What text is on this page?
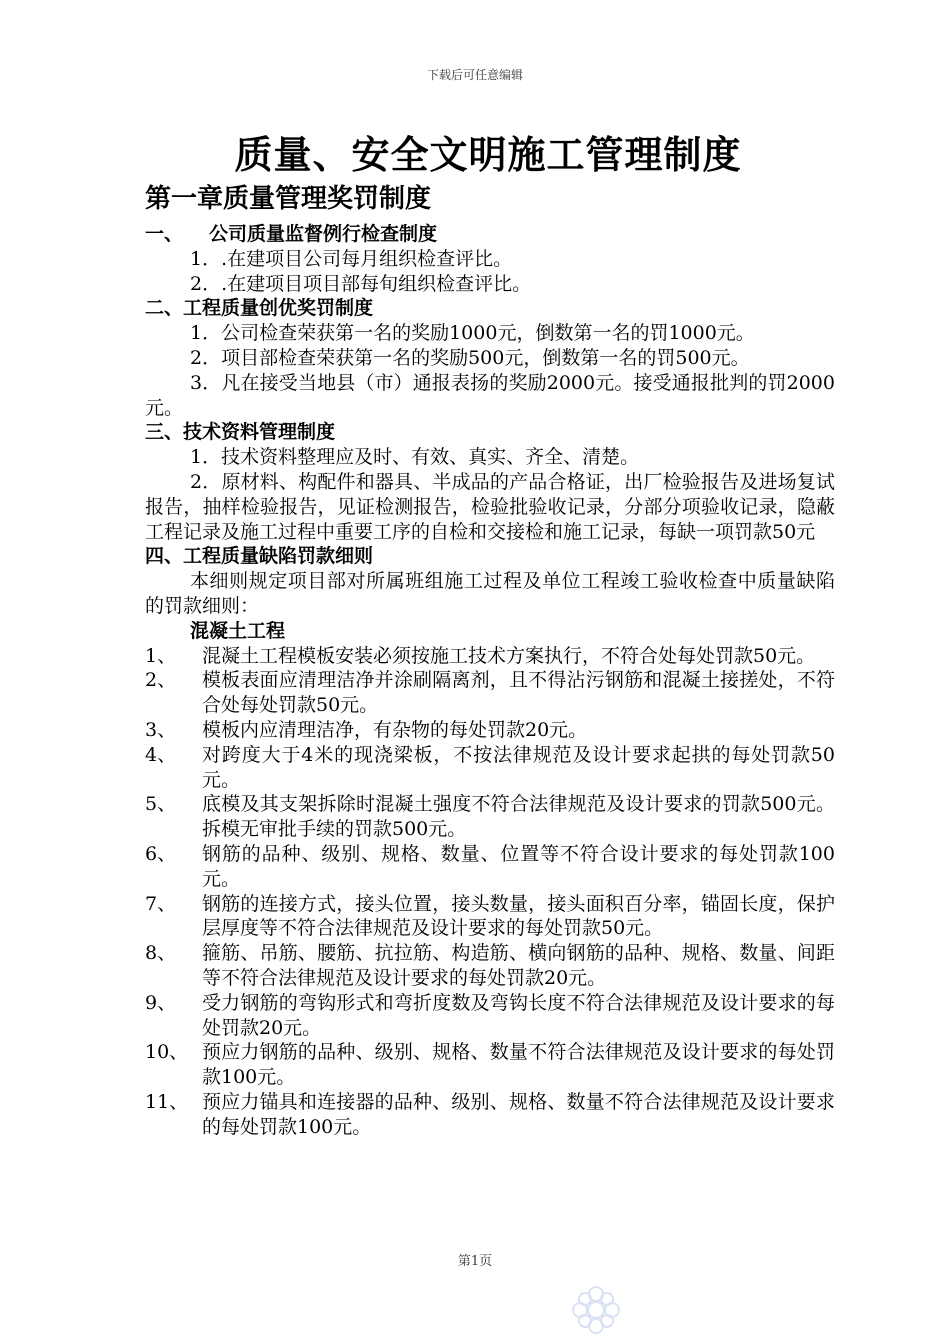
下载后可任意编辑
质量、安全文明施工管理制度
第一章质量管理奖罚制度
一、 公司质量监督例行检查制度

1．.在建项目公司每月组织检查评比。

2．.在建项目项目部每旬组织检查评比。

二、工程质量创优奖罚制度

1．公司检查荣获第一名的奖励1000元，倒数第一名的罚1000元。

2．项目部检查荣获第一名的奖励500元，倒数第一名的罚500元。

3．凡在接受当地县（市）通报表扬的奖励2000元。接受通报批判的罚2000元。

三、技术资料管理制度

1．技术资料整理应及时、有效、真实、齐全、清楚。

2．原材料、构配件和器具、半成品的产品合格证，出厂检验报告及进场复试报告，抽样检验报告，见证检测报告，检验批验收记录，分部分项验收记录，隐蔽工程记录及施工过程中重要工序的自检和交接检和施工记录，每缺一项罚款50元

四、工程质量缺陷罚款细则

本细则规定项目部对所属班组施工过程及单位工程竣工验收检查中质量缺陷的罚款细则：

混凝土工程
1、	混凝土工程模板安装必须按施工技术方案执行，不符合处每处罚款50元。
2、	模板表面应清理洁净并涂刷隔离剂，且不得沾污钢筋和混凝土接搓处，不符合处每处罚款50元。
3、	模板内应清理洁净，有杂物的每处罚款20元。
4、	对跨度大于4米的现浇梁板，不按法律规范及设计要求起拱的每处罚款50元。
5、	底模及其支架拆除时混凝土强度不符合法律规范及设计要求的罚款500元。拆模无审批手续的罚款500元。
6、	钢筋的品种、级别、规格、数量、位置等不符合设计要求的每处罚款100元。
7、	钢筋的连接方式，接头位置，接头数量，接头面积百分率，锚固长度，保护层厚度等不符合法律规范及设计要求的每处罚款50元。
8、	箍筋、吊筋、腰筋、抗拉筋、构造筋、横向钢筋的品种、规格、数量、间距等不符合法律规范及设计要求的每处罚款20元。
9、	受力钢筋的弯钩形式和弯折度数及弯钩长度不符合法律规范及设计要求的每处罚款20元。
10、 预应力钢筋的品种、级别、规格、数量不符合法律规范及设计要求的每处罚款100元。
11、 预应力锚具和连接器的品种、级别、规格、数量不符合法律规范及设计要求的每处罚款100元。
第1页
